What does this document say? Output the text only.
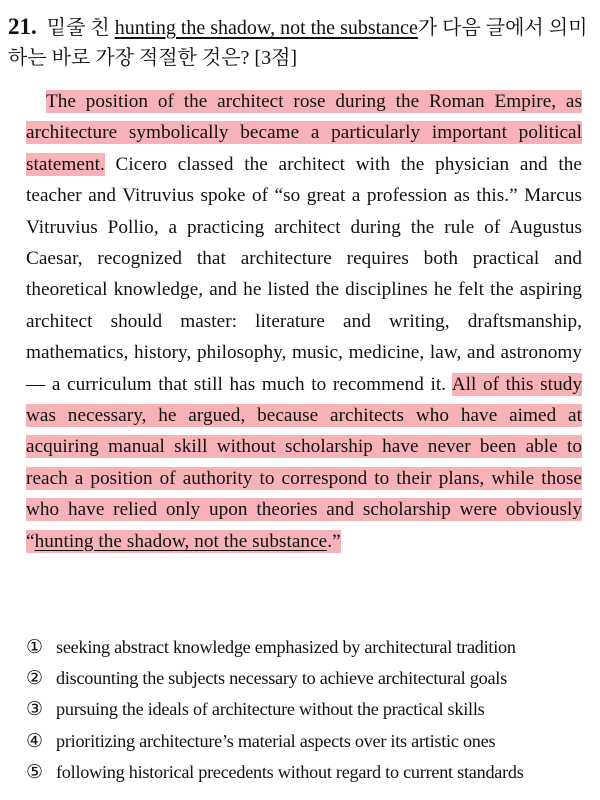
21. 밑줄 친 hunting the shadow, not the substance가 다음 글에서 의미하는 바로 가장 적절한 것은? [3점]

The position of the architect rose during the Roman Empire, as architecture symbolically became a particularly important political statement. Cicero classed the architect with the physician and the teacher and Vitruvius spoke of “so great a profession as this.” Marcus Vitruvius Pollio, a practicing architect during the rule of Augustus Caesar, recognized that architecture requires both practical and theoretical knowledge, and he listed the disciplines he felt the aspiring architect should master: literature and writing, draftsmanship, mathematics, history, philosophy, music, medicine, law, and astronomy — a curriculum that still has much to recommend it. All of this study was necessary, he argued, because architects who have aimed at acquiring manual skill without scholarship have never been able to reach a position of authority to correspond to their plans, while those who have relied only upon theories and scholarship were obviously “hunting the shadow, not the substance.”

① seeking abstract knowledge emphasized by architectural tradition
② discounting the subjects necessary to achieve architectural goals
③ pursuing the ideals of architecture without the practical skills
④ prioritizing architecture’s material aspects over its artistic ones
⑤ following historical precedents without regard to current standards
